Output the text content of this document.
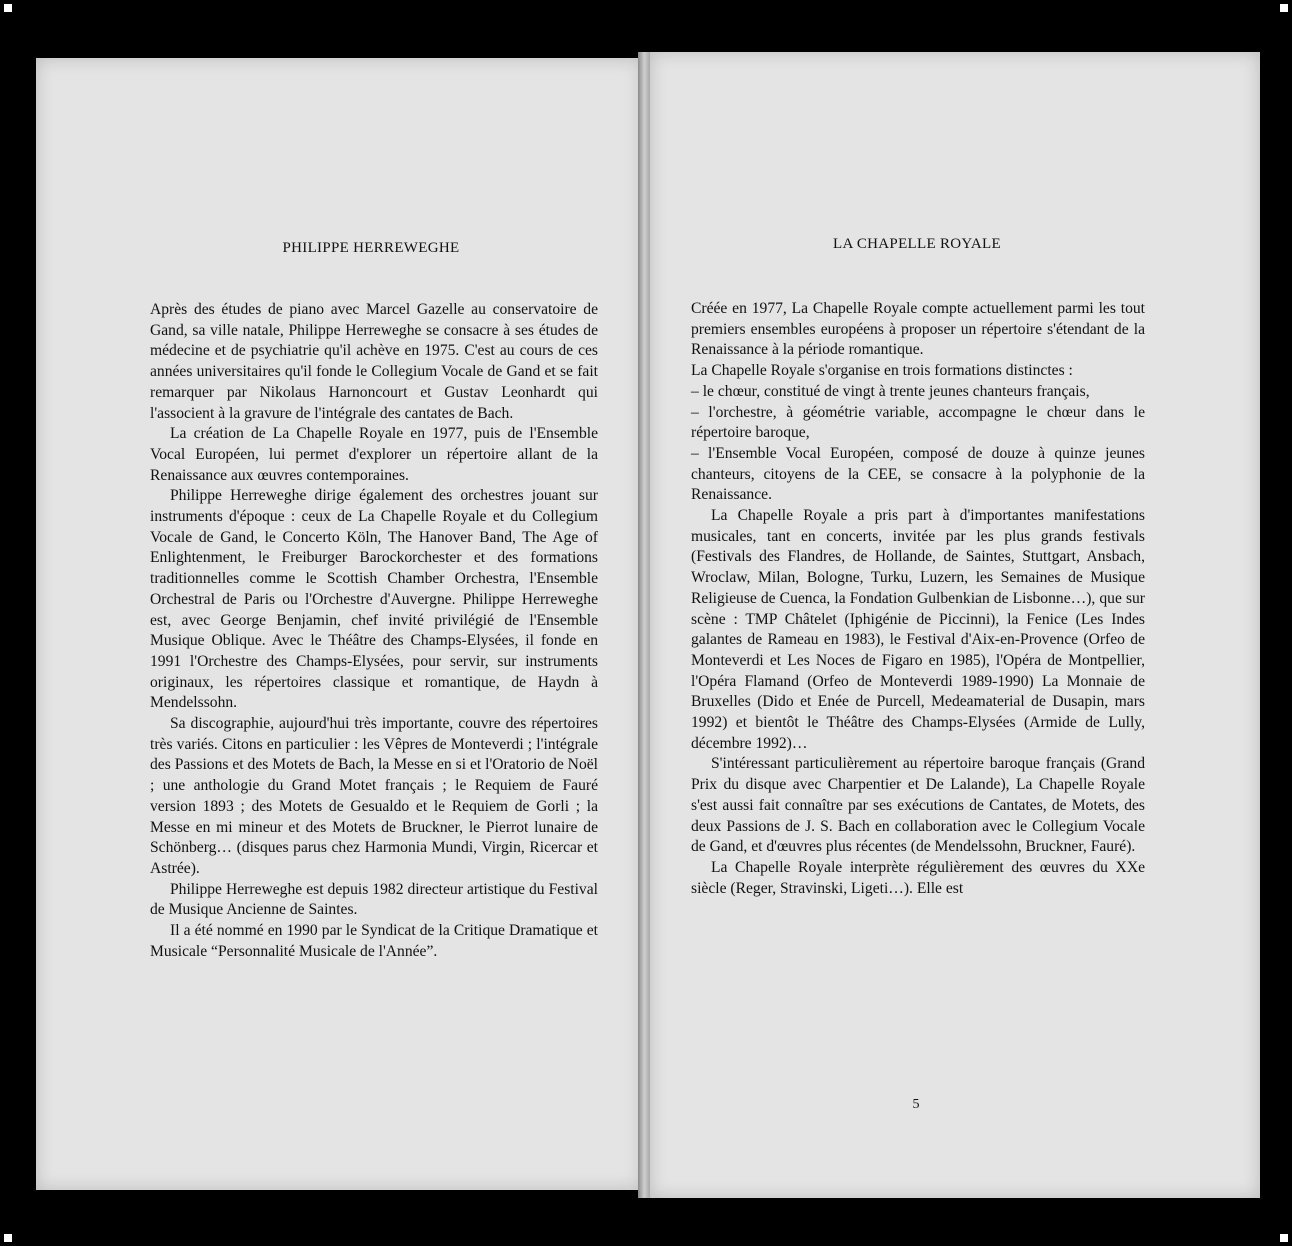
PHILIPPE HERREWEGHE

Après des études de piano avec Marcel Gazelle au conservatoire de Gand, sa ville natale, Philippe Herreweghe se consacre à ses études de médecine et de psychiatrie qu'il achève en 1975. C'est au cours de ces années universitaires qu'il fonde le Collegium Vocale de Gand et se fait remarquer par Nikolaus Harnoncourt et Gustav Leonhardt qui l'associent à la gravure de l'intégrale des cantates de Bach.

La création de La Chapelle Royale en 1977, puis de l'Ensemble Vocal Européen, lui permet d'explorer un répertoire allant de la Renaissance aux œuvres contemporaines.

Philippe Herreweghe dirige également des orchestres jouant sur instruments d'époque : ceux de La Chapelle Royale et du Collegium Vocale de Gand, le Concerto Köln, The Hanover Band, The Age of Enlightenment, le Freiburger Barockorchester et des formations traditionnelles comme le Scottish Chamber Orchestra, l'Ensemble Orchestral de Paris ou l'Orchestre d'Auvergne. Philippe Herreweghe est, avec George Benjamin, chef invité privilégié de l'Ensemble Musique Oblique. Avec le Théâtre des Champs-Elysées, il fonde en 1991 l'Orchestre des Champs-Elysées, pour servir, sur instruments originaux, les répertoires classique et romantique, de Haydn à Mendelssohn.

Sa discographie, aujourd'hui très importante, couvre des répertoires très variés. Citons en particulier : les Vêpres de Monteverdi ; l'intégrale des Passions et des Motets de Bach, la Messe en si et l'Oratorio de Noël ; une anthologie du Grand Motet français ; le Requiem de Fauré version 1893 ; des Motets de Gesualdo et le Requiem de Gorli ; la Messe en mi mineur et des Motets de Bruckner, le Pierrot lunaire de Schönberg… (disques parus chez Harmonia Mundi, Virgin, Ricercar et Astrée).

Philippe Herreweghe est depuis 1982 directeur artistique du Festival de Musique Ancienne de Saintes.

Il a été nommé en 1990 par le Syndicat de la Critique Dramatique et Musicale “Personnalité Musicale de l'Année”.

LA CHAPELLE ROYALE

Créée en 1977, La Chapelle Royale compte actuellement parmi les tout premiers ensembles européens à proposer un répertoire s'étendant de la Renaissance à la période romantique.

La Chapelle Royale s'organise en trois formations distinctes :

– le chœur, constitué de vingt à trente jeunes chanteurs français,

– l'orchestre, à géométrie variable, accompagne le chœur dans le répertoire baroque,

– l'Ensemble Vocal Européen, composé de douze à quinze jeunes chanteurs, citoyens de la CEE, se consacre à la polyphonie de la Renaissance.

La Chapelle Royale a pris part à d'importantes manifestations musicales, tant en concerts, invitée par les plus grands festivals (Festivals des Flandres, de Hollande, de Saintes, Stuttgart, Ansbach, Wroclaw, Milan, Bologne, Turku, Luzern, les Semaines de Musique Religieuse de Cuenca, la Fondation Gulbenkian de Lisbonne…), que sur scène : TMP Châtelet (Iphigénie de Piccinni), la Fenice (Les Indes galantes de Rameau en 1983), le Festival d'Aix-en-Provence (Orfeo de Monteverdi et Les Noces de Figaro en 1985), l'Opéra de Montpellier, l'Opéra Flamand (Orfeo de Monteverdi 1989-1990) La Monnaie de Bruxelles (Dido et Enée de Purcell, Medeamaterial de Dusapin, mars 1992) et bientôt le Théâtre des Champs-Elysées (Armide de Lully, décembre 1992)…

S'intéressant particulièrement au répertoire baroque français (Grand Prix du disque avec Charpentier et De Lalande), La Chapelle Royale s'est aussi fait connaître par ses exécutions de Cantates, de Motets, des deux Passions de J. S. Bach en collaboration avec le Collegium Vocale de Gand, et d'œuvres plus récentes (de Mendelssohn, Bruckner, Fauré).

La Chapelle Royale interprète régulièrement des œuvres du XXe siècle (Reger, Stravinski, Ligeti…). Elle est

5
